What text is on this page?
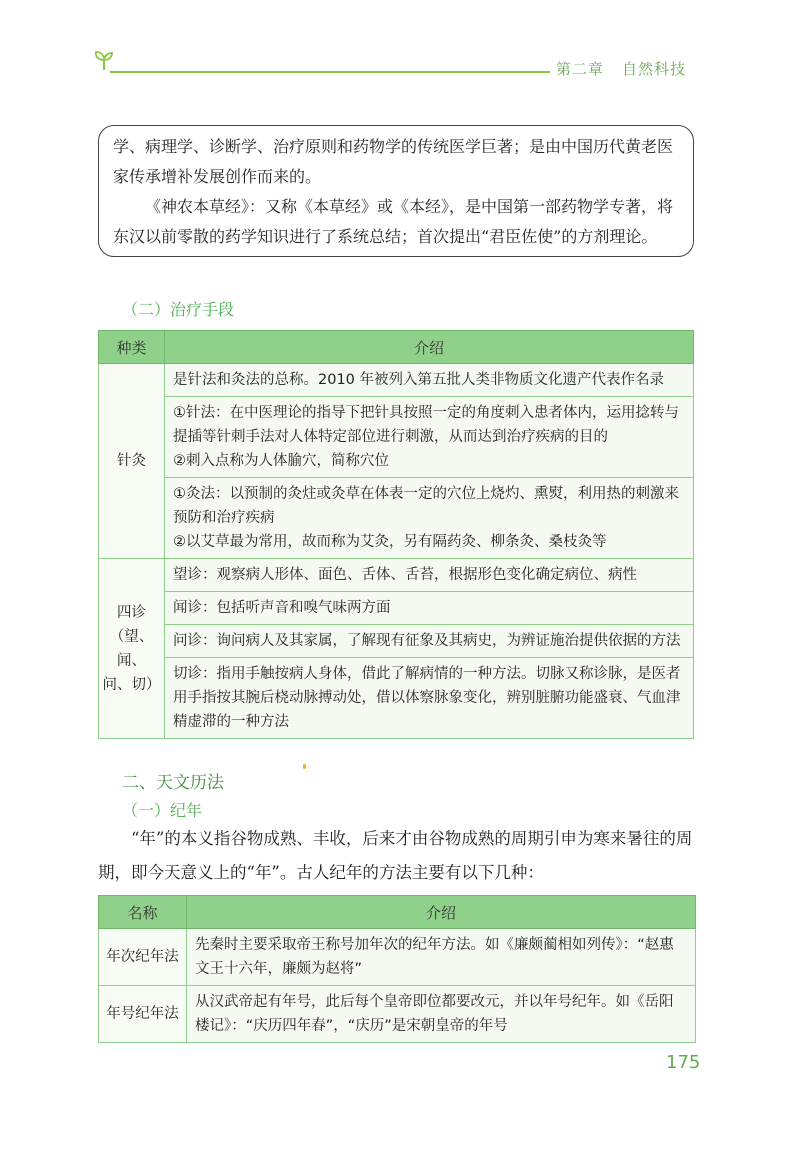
第二章 自然科技

学、病理学、诊断学、治疗原则和药物学的传统医学巨著；是由中国历代黄老医家传承增补发展创作而来的。

《神农本草经》：又称《本草经》或《本经》，是中国第一部药物学专著，将东汉以前零散的药学知识进行了系统总结；首次提出“君臣佐使”的方剂理论。

（二）治疗手段
种类	介绍
针灸	是针法和灸法的总称。2010 年被列入第五批人类非物质文化遗产代表作名录

	①针法：在中医理论的指导下把针具按照一定的角度刺入患者体内，运用捻转与提插等针刺手法对人体特定部位进行刺激，从而达到治疗疾病的目的
②刺入点称为人体腧穴，简称穴位

	①灸法：以预制的灸炷或灸草在体表一定的穴位上烧灼、熏熨，利用热的刺激来预防和治疗疾病
②以艾草最为常用，故而称为艾灸，另有隔药灸、柳条灸、桑枝灸等

四诊
（望、闻、
问、切）	望诊：观察病人形体、面色、舌体、舌苔，根据形色变化确定病位、病性
	闻诊：包括听声音和嗅气味两方面
	问诊：询问病人及其家属，了解现有征象及其病史，为辨证施治提供依据的方法
	切诊：指用手触按病人身体，借此了解病情的一种方法。切脉又称诊脉，是医者用手指按其腕后桡动脉搏动处，借以体察脉象变化，辨别脏腑功能盛衰、气血津精虚滞的一种方法
二、天文历法
（一）纪年
“年”的本义指谷物成熟、丰收，后来才由谷物成熟的周期引申为寒来暑往的周期，即今天意义上的“年”。古人纪年的方法主要有以下几种：
名称	介绍
年次纪年法	先秦时主要采取帝王称号加年次的纪年方法。如《廉颇蔺相如列传》：“赵惠文王十六年，廉颇为赵将”
年号纪年法	从汉武帝起有年号，此后每个皇帝即位都要改元，并以年号纪年。如《岳阳楼记》：“庆历四年春”，“庆历”是宋朝皇帝的年号
175
